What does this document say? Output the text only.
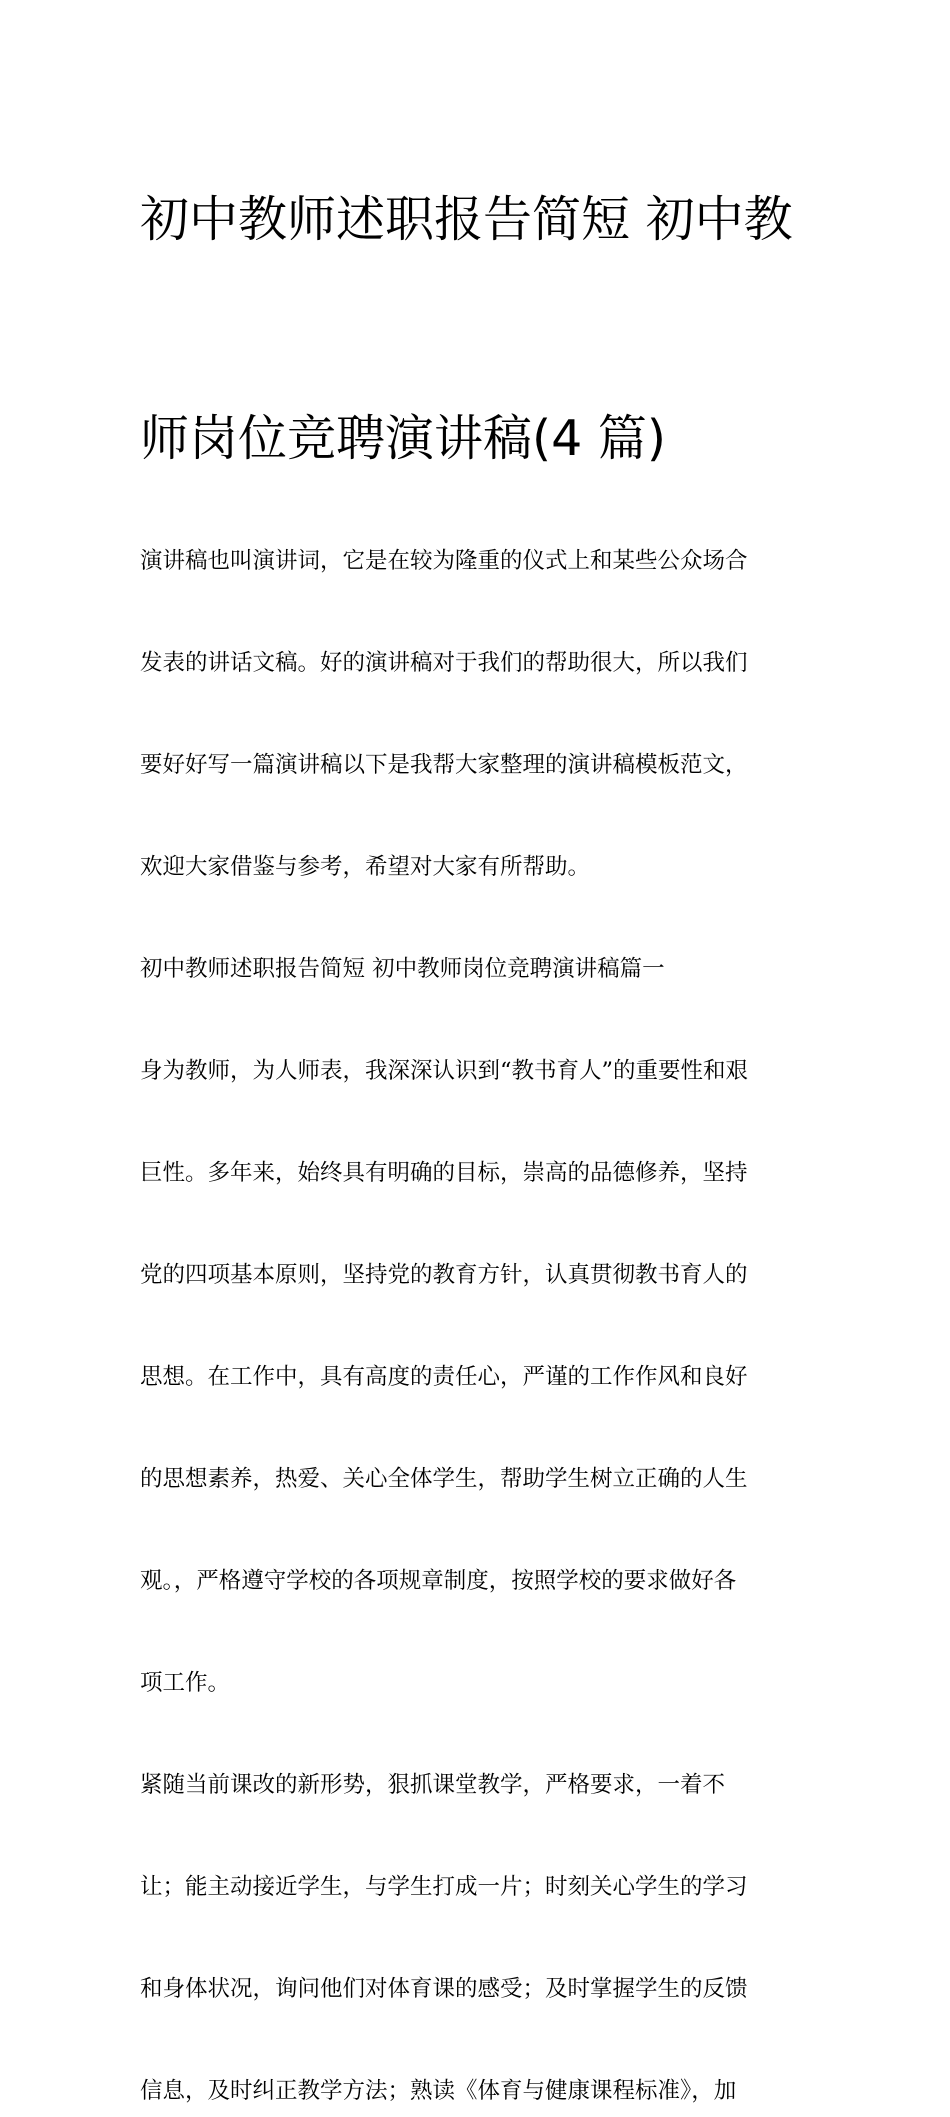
初中教师述职报告简短 初中教

师岗位竞聘演讲稿(4 篇)

演讲稿也叫演讲词，它是在较为隆重的仪式上和某些公众场合

发表的讲话文稿。好的演讲稿对于我们的帮助很大，所以我们

要好好写一篇演讲稿以下是我帮大家整理的演讲稿模板范文，

欢迎大家借鉴与参考，希望对大家有所帮助。

初中教师述职报告简短 初中教师岗位竞聘演讲稿篇一

身为教师，为人师表，我深深认识到“教书育人”的重要性和艰

巨性。多年来，始终具有明确的目标，崇高的品德修养，坚持

党的四项基本原则，坚持党的教育方针，认真贯彻教书育人的

思想。在工作中，具有高度的责任心，严谨的工作作风和良好

的思想素养，热爱、关心全体学生，帮助学生树立正确的人生

观。，严格遵守学校的各项规章制度，按照学校的要求做好各

项工作。

紧随当前课改的新形势，狠抓课堂教学，严格要求，一着不

让；能主动接近学生，与学生打成一片；时刻关心学生的学习

和身体状况，询问他们对体育课的感受；及时掌握学生的反馈

信息，及时纠正教学方法；熟读《体育与健康课程标准》，加
